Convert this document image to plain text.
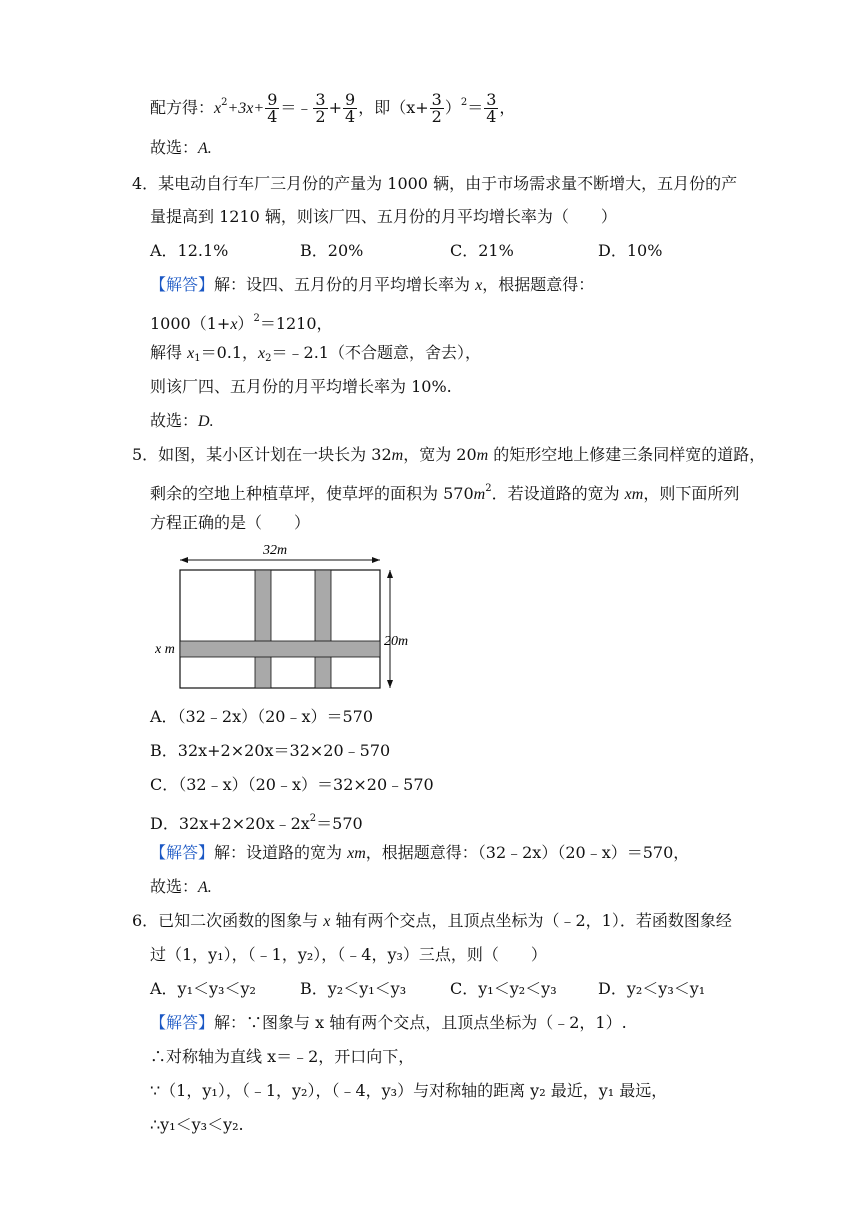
配方得：$x^2+3x+ \frac{9}{4}$ ＝﹣ $\frac{3}{2} + \frac{9}{4}$ ，即$(x+ \frac{3}{2} )^2= \frac{3}{4}$ ，
故选：A.
4．某电动自行车厂三月份的产量为 1000 辆，由于市场需求量不断增大，五月份的产
量提高到 1210 辆，则该厂四、五月份的月平均增长率为（　　）
A．12.1%	B．20%	C．21%	D．10%
【解答】解：设四、五月份的月平均增长率为 x，根据题意得：
$1000(1+x)^2=1210$，
解得 $x_1=0.1$，$x_2=﹣2.1$（不合题意，舍去），
则该厂四、五月份的月平均增长率为 10%.
故选：D.
5．如图，某小区计划在一块长为 32m，宽为 20m 的矩形空地上修建三条同样宽的道路，
剩余的空地上种植草坪，使草坪的面积为 $570m^2$．若设道路的宽为 xm，则下面所列
方程正确的是（　　）
32m
20m
x m
A．（32﹣2x）（20﹣x）＝570
B．32x+2×20x＝32×20﹣570
C．（32﹣x）（20﹣x）＝32×20﹣570
D．$32x+2\times 20x﹣2x^2=570$
【解答】解：设道路的宽为 xm，根据题意得：（32﹣2x）（20﹣x）＝570，
故选：A.
6．已知二次函数的图象与 x 轴有两个交点，且顶点坐标为（﹣2，1）．若函数图象经
过（1，y₁），（﹣1，y₂），（﹣4，y₃）三点，则（　　）
A．y₁＜y₃＜y₂	B．y₂＜y₁＜y₃	C．y₁＜y₂＜y₃	D．y₂＜y₃＜y₁
【解答】解：∵图象与 x 轴有两个交点，且顶点坐标为（﹣2，1）.
∴对称轴为直线 x＝﹣2，开口向下，
∵（1，y₁），（﹣1，y₂），（﹣4，y₃）与对称轴的距离 y₂ 最近，y₁ 最远，
∴y₁＜y₃＜y₂.
